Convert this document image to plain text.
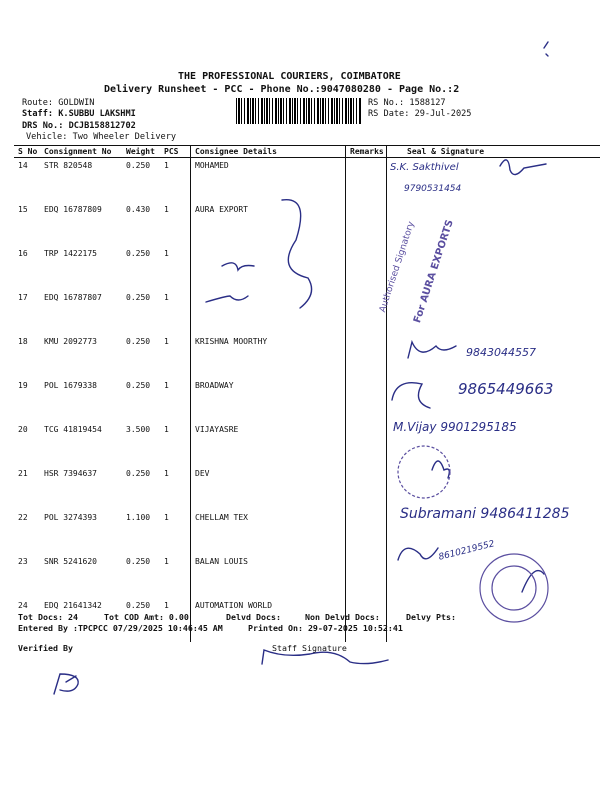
THE PROFESSIONAL COURIERS, COIMBATORE
Delivery Runsheet - PCC - Phone No.:9047080280 - Page No.:2
Route: GOLDWIN
Staff: K.SUBBU LAKSHMI
DRS No.: DCJB158812702
Vehicle: Two Wheeler Delivery
RS No.: 1588127
RS Date: 29-Jul-2025
S No	Consignment No	Weight	PCS	Consignee Details	Remarks	Seal & Signature
14	STR 820548	0.250	1	MOHAMED		
15	EDQ 16787809	0.430	1	AURA EXPORT		
16	TRP 1422175	0.250	1			
17	EDQ 16787807	0.250	1			
18	KMU 2092773	0.250	1	KRISHNA MOORTHY		
19	POL 1679338	0.250	1	BROADWAY		
20	TCG 41819454	3.500	1	VIJAYASRE		
21	HSR 7394637	0.250	1	DEV		
22	POL 3274393	1.100	1	CHELLAM TEX		
23	SNR 5241620	0.250	1	BALAN LOUIS		
24	EDQ 21641342	0.250	1	AUTOMATION WORLD		
S.K. Sakthivel
9790531454
9843044557
9865449663
M.Vijay 9901295185
Subramani 9486411285
8610219552
Authorised Signatory
For AURA EXPORTS
Tot Docs: 24	Tot COD Amt: 0.00	Delvd Docs:	Non Delvd Docs:	Delvy Pts:
Entered By :TPCPCC 07/29/2025 10:46:45 AM	Printed On: 29-07-2025 10:52:41
Verified By	Staff Signature
